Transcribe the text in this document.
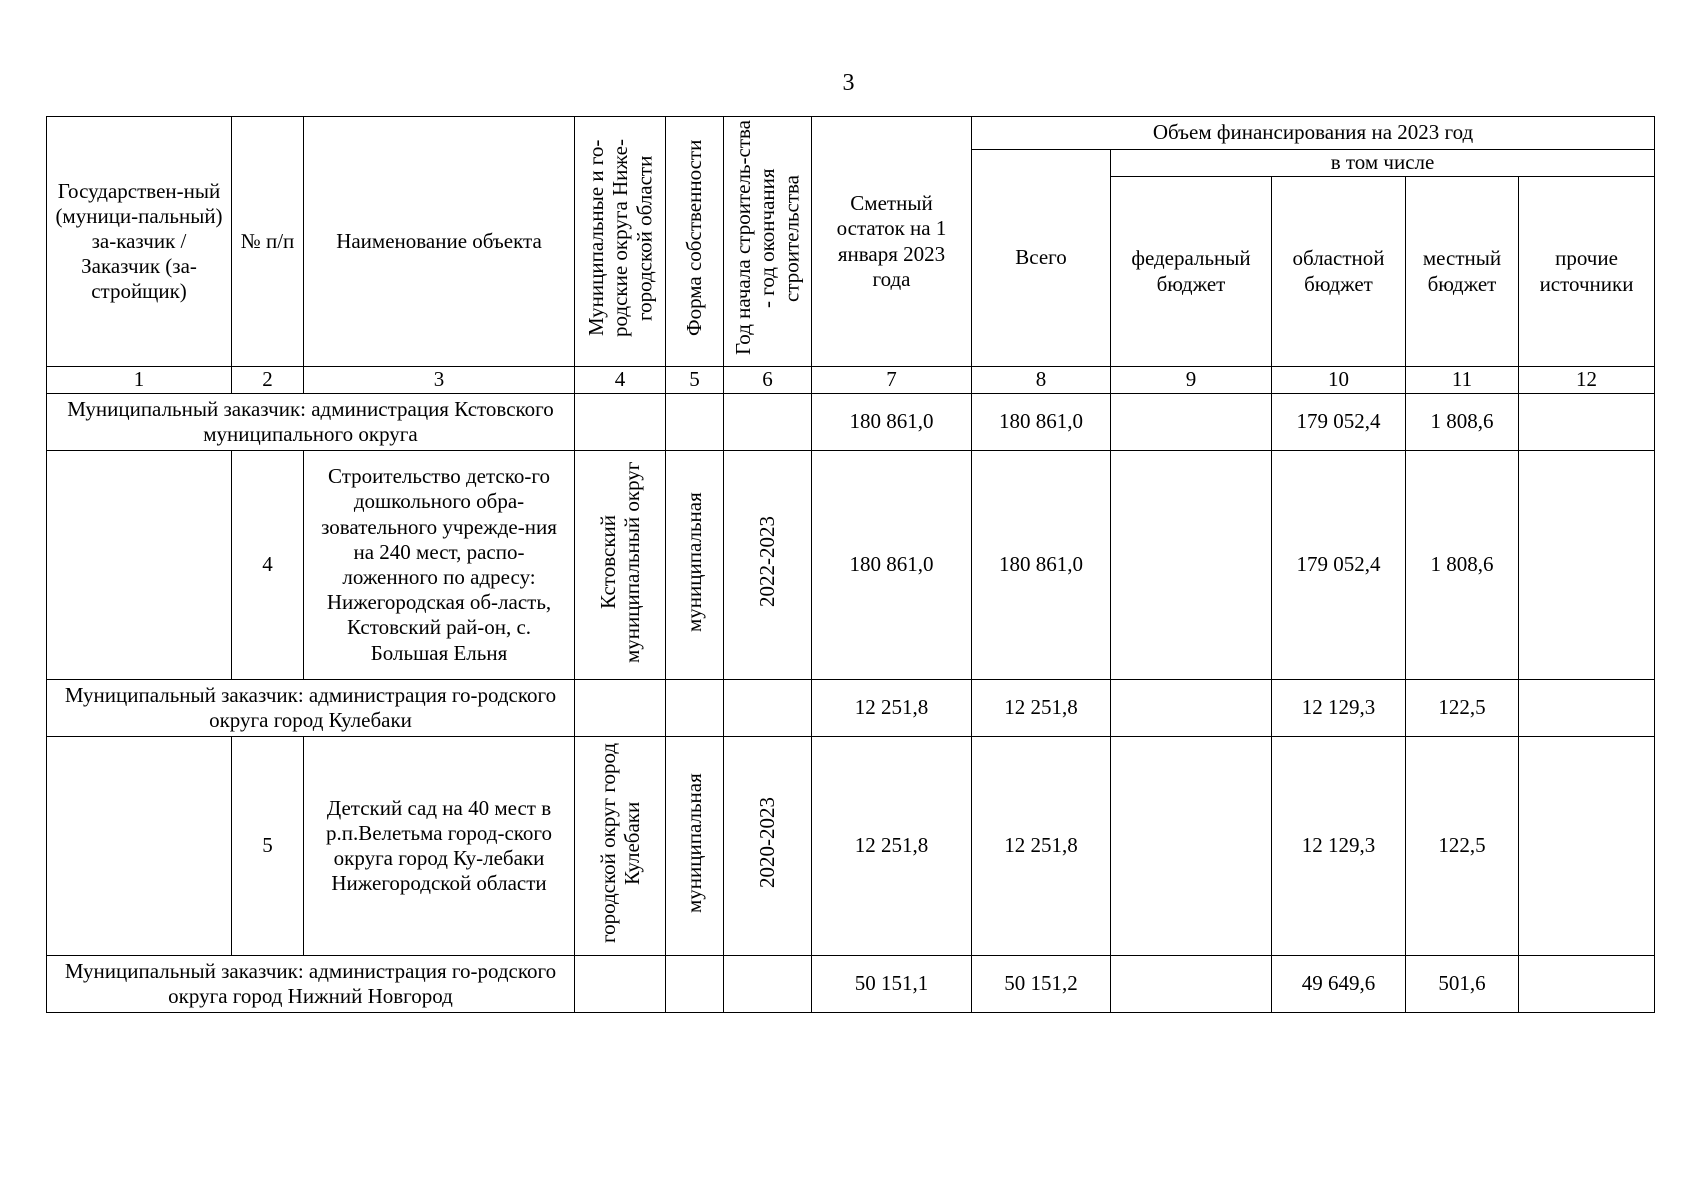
3
Государствен-ный (муници-пальный) за-казчик / Заказчик (за-стройщик)	№ п/п	Наименование объекта	Муниципальные и го-родские округа Ниже-городской области	Форма собственности	Год начала строитель-ства - год окончания строительства	Сметный остаток на 1 января 2023 года	Объем финансирования на 2023 год				
							Всего	в том числе			
								федеральный бюджет	областной бюджет	местный бюджет	прочие источники
1	2	3	4	5	6	7	8	9	10	11	12
Муниципальный заказчик: администрация Кстовского муниципального округа						180 861,0	180 861,0		179 052,4	1 808,6	
	4	Строительство детско-го дошкольного обра-зовательного учрежде-ния на 240 мест, распо-ложенного по адресу: Нижегородская об-ласть, Кстовский рай-он, с. Большая Ельня	Кстовский муниципальный округ	муниципальная	2022-2023	180 861,0	180 861,0		179 052,4	1 808,6	
Муниципальный заказчик: администрация го-родского округа город Кулебаки						12 251,8	12 251,8		12 129,3	122,5	
	5	Детский сад на 40 мест в р.п.Велетьма город-ского округа город Ку-лебаки Нижегородской области	городской округ город Кулебаки	муниципальная	2020-2023	12 251,8	12 251,8		12 129,3	122,5	
Муниципальный заказчик: администрация го-родского округа город Нижний Новгород						50 151,1	50 151,2		49 649,6	501,6	
